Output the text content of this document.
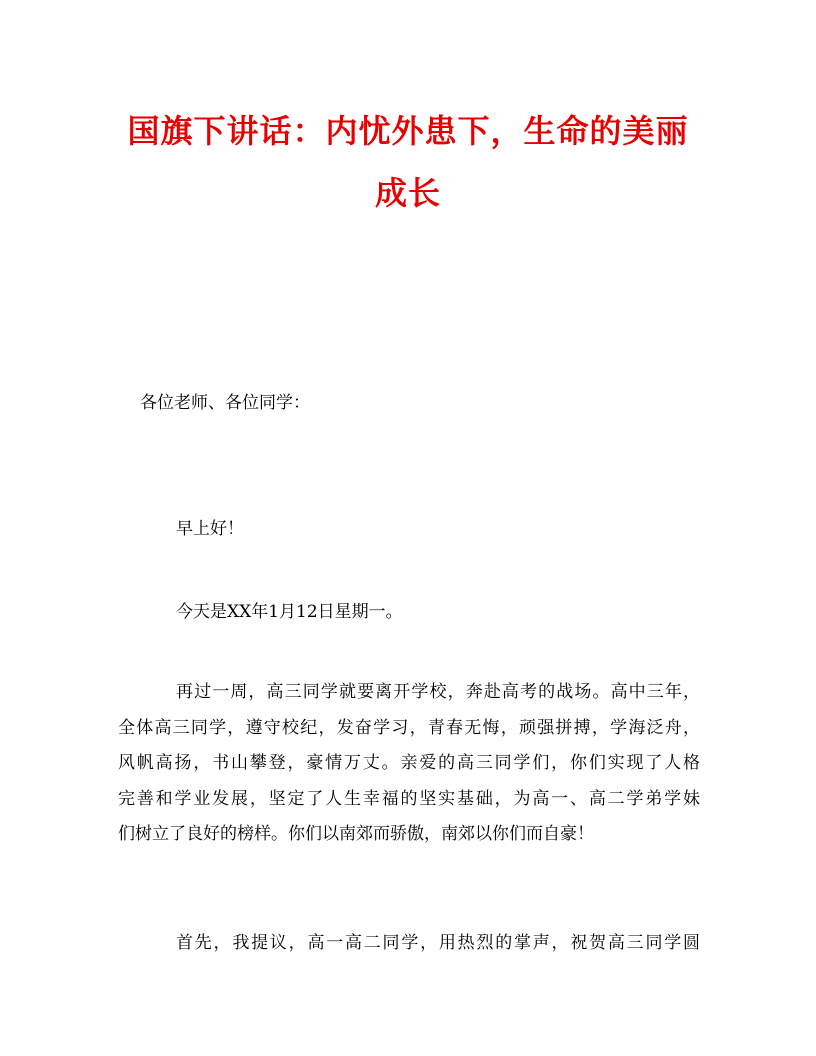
国旗下讲话：内忧外患下，生命的美丽
成长

各位老师、各位同学：

早上好！

今天是XX年1月12日星期一。

再过一周，高三同学就要离开学校，奔赴高考的战场。高中三年，
全体高三同学，遵守校纪，发奋学习，青春无悔，顽强拼搏，学海泛舟，
风帆高扬，书山攀登，豪情万丈。亲爱的高三同学们，你们实现了人格
完善和学业发展，坚定了人生幸福的坚实基础，为高一、高二学弟学妹
们树立了良好的榜样。你们以南郊而骄傲，南郊以你们而自豪！
首先，我提议，高一高二同学，用热烈的掌声，祝贺高三同学圆
